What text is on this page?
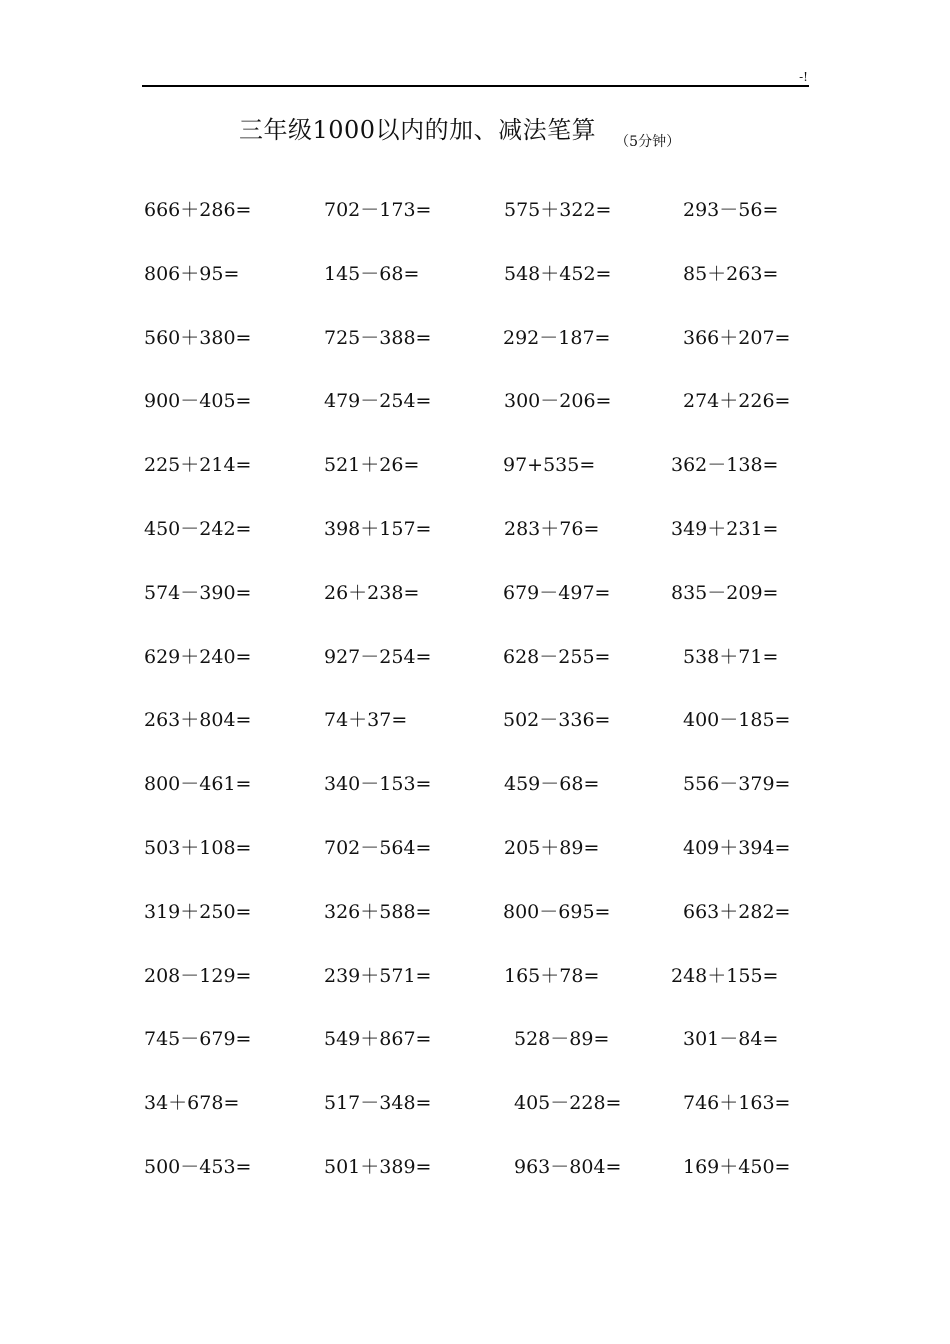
-!
三年级1000以内的加、减法笔算 （5分钟）
666＋286=	702－173=	575＋322=	293－56=
806＋95=	145－68=	548＋452=	85＋263=
560＋380=	725－388=	292－187=	366＋207=
900－405=	479－254=	300－206=	274＋226=
225＋214=	521＋26=	97+535=	362－138=
450－242=	398＋157=	283＋76=	349＋231=
574－390=	26＋238=	679－497=	835－209=
629＋240=	927－254=	628－255=	538＋71=
263＋804=	74＋37=	502－336=	400－185=
800－461=	340－153=	459－68=	556－379=
503＋108=	702－564=	205＋89=	409＋394=
319＋250=	326＋588=	800－695=	663＋282=
208－129=	239＋571=	165＋78=	248＋155=
745－679=	549＋867=	528－89=	301－84=
34＋678=	517－348=	405－228=	746＋163=
500－453=	501＋389=	963－804=	169＋450=
